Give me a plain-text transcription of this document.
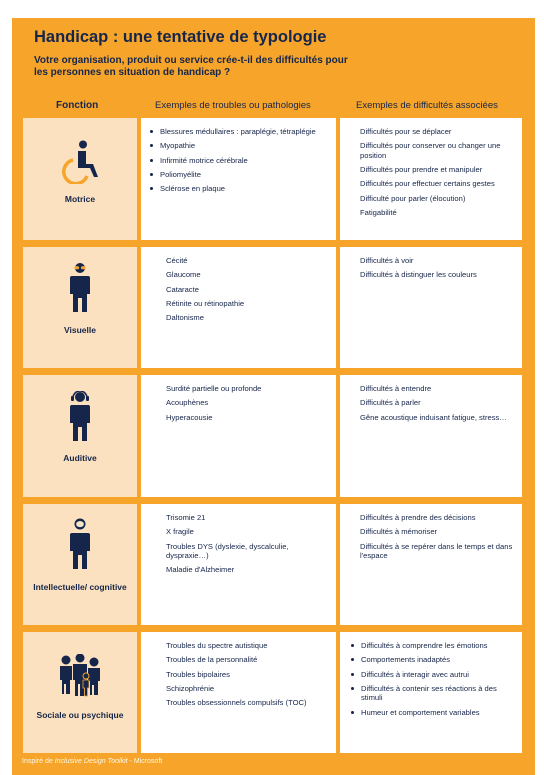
Handicap : une tentative de typologie

Votre organisation, produit ou service crée-t-il des difficultés pour les personnes en situation de handicap ?

Fonction	Exemples de troubles ou pathologies	Exemples de difficultés associées
Motrice
Blessures médullaires : paraplégie, tétraplégie
Myopathie
Infirmité motrice cérébrale
Poliomyélite
Sclérose en plaque
Difficultés pour se déplacer
Difficultés pour conserver ou changer une position
Difficultés pour prendre et manipuler
Difficultés pour effectuer certains gestes
Difficulté pour parler (élocution)
Fatigabilité
Visuelle
Cécité
Glaucome
Cataracte
Rétinite ou rétinopathie
Daltonisme
Difficultés à voir
Difficultés à distinguer les couleurs
Auditive
Surdité partielle ou profonde
Acouphènes
Hyperacousie
Difficultés à entendre
Difficultés à parler
Gêne acoustique induisant fatigue, stress…
Intellectuelle/ cognitive
Trisomie 21
X fragile
Troubles DYS (dyslexie, dyscalculie, dyspraxie…)
Maladie d'Alzheimer
Difficultés à prendre des décisions
Difficultés à mémoriser
Difficultés à se repérer dans le temps et dans l'espace
Sociale ou psychique
Troubles du spectre autistique
Troubles de la personnalité
Troubles bipolaires
Schizophrénie
Troubles obsessionnels compulsifs (TOC)
Difficultés à comprendre les émotions
Comportements inadaptés
Difficultés à interagir avec autrui
Difficultés à contenir ses réactions à des stimuli
Humeur et comportement variables
Inspiré de Inclusive Design Toolkit - Microsoft
